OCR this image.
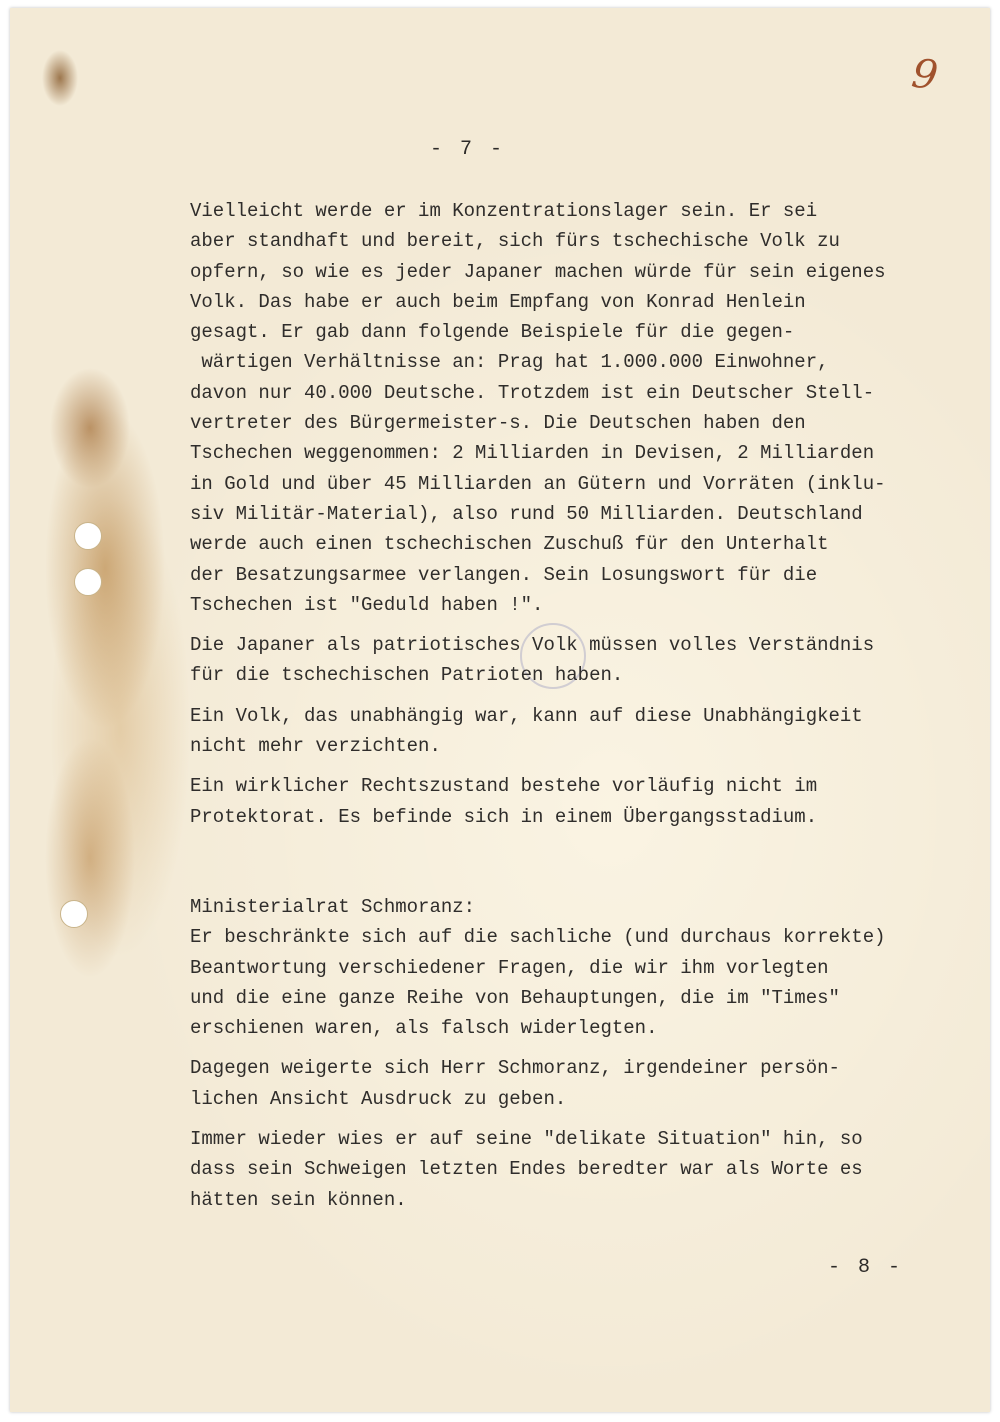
9
- 7 -
Vielleicht werde er im Konzentrationslager sein. Er sei
aber standhaft und bereit, sich fürs tschechische Volk zu
opfern, so wie es jeder Japaner machen würde für sein eigenes
Volk. Das habe er auch beim Empfang von Konrad Henlein
gesagt. Er gab dann folgende Beispiele für die gegen-
wärtigen Verhältnisse an: Prag hat 1.000.000 Einwohner,
davon nur 40.000 Deutsche. Trotzdem ist ein Deutscher Stell-
vertreter des Bürgermeister-s. Die Deutschen haben den
Tschechen weggenommen: 2 Milliarden in Devisen, 2 Milliarden
in Gold und über 45 Milliarden an Gütern und Vorräten (inklu-
siv Militär-Material), also rund 50 Milliarden. Deutschland
werde auch einen tschechischen Zuschuß für den Unterhalt
der Besatzungsarmee verlangen. Sein Losungswort für die
Tschechen ist "Geduld haben !".
Die Japaner als patriotisches Volk müssen volles Verständnis
für die tschechischen Patrioten haben.
Ein Volk, das unabhängig war, kann auf diese Unabhängigkeit
nicht mehr verzichten.
Ein wirklicher Rechtszustand bestehe vorläufig nicht im
Protektorat. Es befinde sich in einem Übergangsstadium.
Ministerialrat Schmoranz:
Er beschränkte sich auf die sachliche (und durchaus korrekte)
Beantwortung verschiedener Fragen, die wir ihm vorlegten
und die eine ganze Reihe von Behauptungen, die im "Times"
erschienen waren, als falsch widerlegten.
Dagegen weigerte sich Herr Schmoranz, irgendeiner persön-
lichen Ansicht Ausdruck zu geben.
Immer wieder wies er auf seine "delikate Situation" hin, so
dass sein Schweigen letzten Endes beredter war als Worte es
hätten sein können.
- 8 -
